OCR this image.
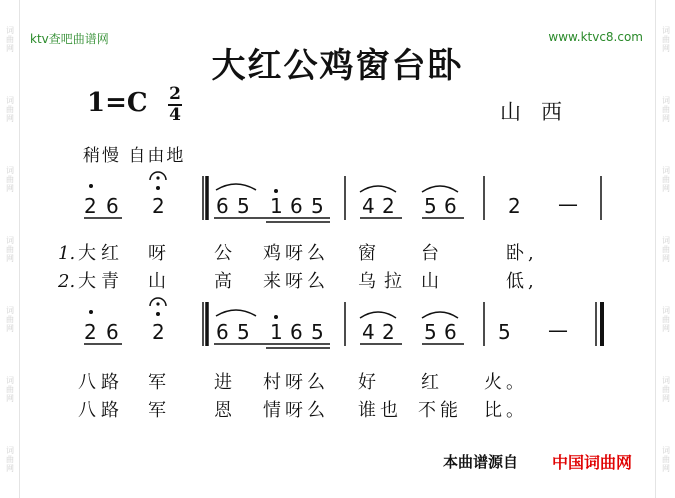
词曲网
词曲网
词曲网
词曲网
词曲网
词曲网
词曲网
词曲网
词曲网
词曲网
词曲网
词曲网
词曲网
词曲网
ktv查吧曲谱网	www.ktvc8.com
大红公鸡窗台卧
1=C 2
4	山西
稍慢 自由地
2 6 2	6 5 1 6 5 4 2 5 6	2 —
1. 大 红 呀	公 鸡 呀 么 窗	台	卧 ,
2. 大 青 山	高 来 呀 么 乌 拉 山	低 ,
2 6 2	6 5 1 6 5 4 2 5 6 5 —
八 路 军	进 村 呀 么 好	红	火 。
八 路 军	恩 情 呀 么 谁 也 不 能 比 。
本曲谱源自 中国词曲网
